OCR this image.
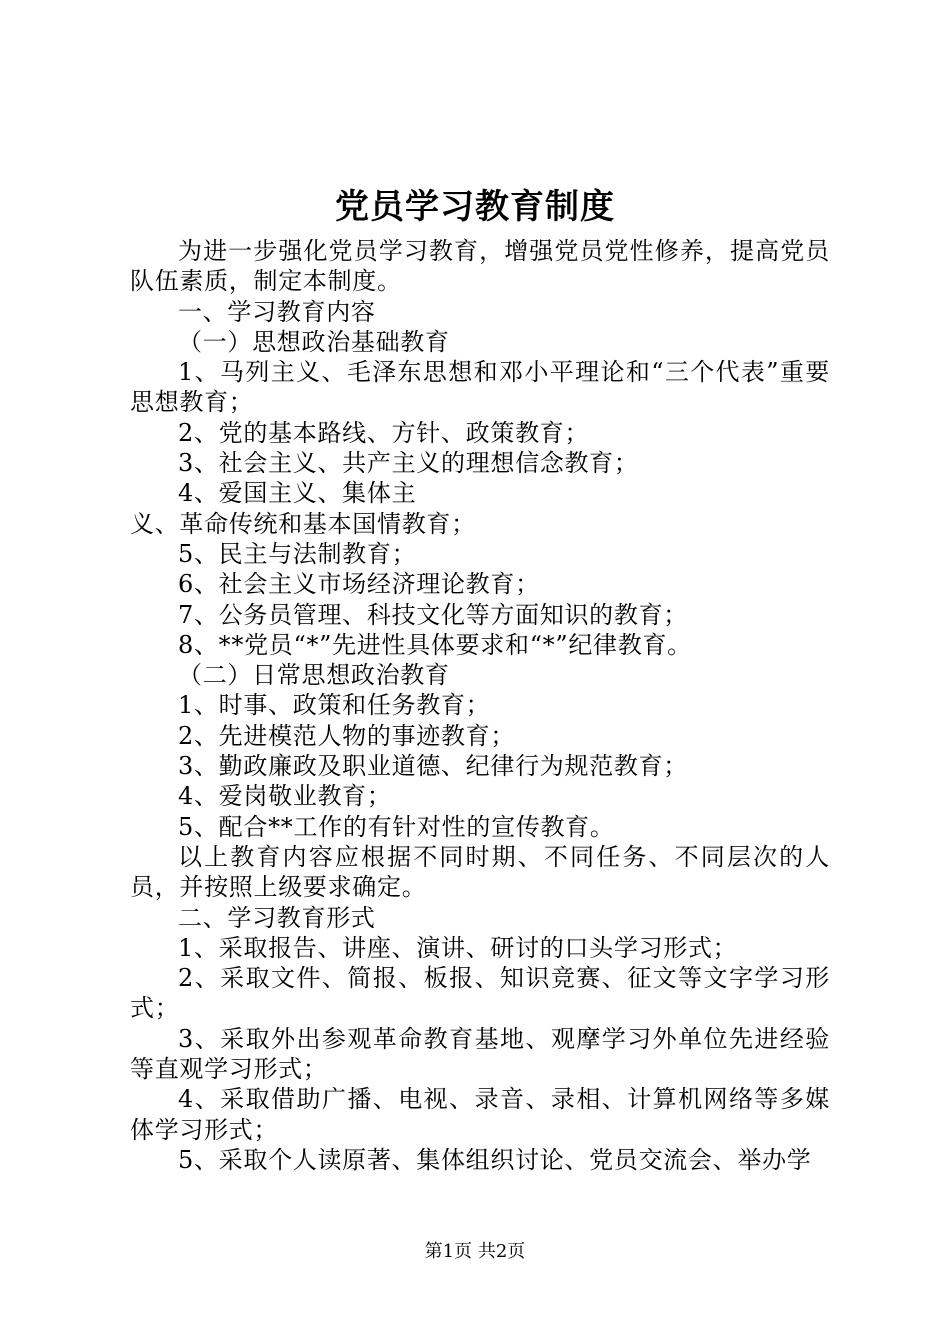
党员学习教育制度

为进一步强化党员学习教育，增强党员党性修养，提高党员队伍素质，制定本制度。

一、学习教育内容

（一）思想政治基础教育

1、马列主义、毛泽东思想和邓小平理论和“三个代表”重要思想教育；

2、党的基本路线、方针、政策教育；

3、社会主义、共产主义的理想信念教育；

4、爱国主义、集体主

义、革命传统和基本国情教育；

5、民主与法制教育；

6、社会主义市场经济理论教育；

7、公务员管理、科技文化等方面知识的教育；

8、**党员“*”先进性具体要求和“*”纪律教育。

（二）日常思想政治教育

1、时事、政策和任务教育；

2、先进模范人物的事迹教育；

3、勤政廉政及职业道德、纪律行为规范教育；

4、爱岗敬业教育；

5、配合**工作的有针对性的宣传教育。

以上教育内容应根据不同时期、不同任务、不同层次的人员，并按照上级要求确定。

二、学习教育形式

1、采取报告、讲座、演讲、研讨的口头学习形式；

2、采取文件、简报、板报、知识竞赛、征文等文字学习形式；

3、采取外出参观革命教育基地、观摩学习外单位先进经验等直观学习形式；

4、采取借助广播、电视、录音、录相、计算机网络等多媒体学习形式；

5、采取个人读原著、集体组织讨论、党员交流会、举办学

第1页 共2页
